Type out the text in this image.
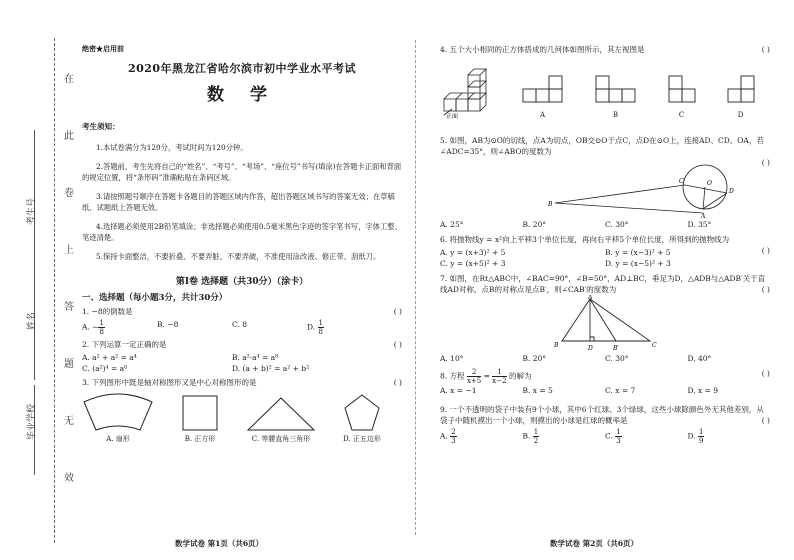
在
此
卷
上
答
题
无
效
考生号
姓名
毕业学校
绝密★启用前
2020年黑龙江省哈尔滨市初中学业水平考试
数 学
考生须知：
1.本试卷满分为120分，考试时间为120分钟。
2.答题前，考生先将自己的“姓名”、“考号”、“考场”、“座位号”书写(填涂)在答题卡正面和背面的规定位置，将“条形码”准确粘贴在条码区域。
3.请按照题号顺序在答题卡各题目的答题区域内作答，超出答题区域书写的答案无效；在草稿纸、试题纸上答题无效。
4.选择题必须使用2B铅笔填涂；非选择题必须使用0.5毫米黑色字迹的签字笔书写，字体工整、笔迹清楚。
5.保持卡面整洁，不要折叠、不要弄脏、不要弄破，不准使用涂改液、修正带、刮纸刀。
第Ⅰ卷 选择题（共30分）（涂卡）
一、选择题（每小题3分，共计30分）
1. −8的倒数是	( )
A. − $\frac{1}{8}$	B. −8	C. 8	D. $\frac{1}{8}$
2. 下列运算一定正确的是	( )
A. a² + a² = a⁴	B. a²·a⁴ = a⁸
C. (a²)⁴ = a⁸	D. (a + b)² = a² + b²
3. 下列图形中既是轴对称图形又是中心对称图形的是	( )
A. 扇形	B. 正方形	C. 等腰直角三角形	D. 正五边形
数学试卷 第1页（共6页）
4. 五个大小相同的正方体搭成的几何体如图所示，其左视图是	( )
正面	A	B	C	D
5. 如图，AB为⊙O的切线，点A为切点，OB交⊙O于点C，点D在⊙O上，连接AD、CD、OA，若∠ADC=35°，则∠ABO的度数为
( )
B
C	O
D
A
A. 25°	B. 20°	C. 30°	D. 35°
6. 将抛物线y = x²向上平移3个单位长度，再向右平移5个单位长度，所得到的抛物线为
( )
A. y = (x+3)² + 5	B. y = (x−3)² + 5
C. y = (x+5)² + 3	D. y = (x−5)² + 3
7. 如图，在Rt△ABC中，∠BAC=90°，∠B=50°，AD⊥BC，垂足为D，△ADB与△ADB′关于直线AD对称，点B的对称点是点B′，则∠CAB′的度数为	( )
A
B	D	B′	C
A. 10°	B. 20°	C. 30°	D. 40°
8. 方程 $\frac{2}{x+5} = \frac{1}{x-2}$ 的解为	( )
A. x = −1	B. x = 5	C. x = 7	D. x = 9
9. 一个不透明的袋子中装有9个小球，其中6个红球、3个绿球，这些小球除颜色外无其他差别，从袋子中随机摸出一个小球，则摸出的小球是红球的概率是	( )
A. $\frac{2}{3}$	B. $\frac{1}{2}$	C. $\frac{1}{3}$	D. $\frac{1}{9}$
数学试卷 第2页（共6页）
